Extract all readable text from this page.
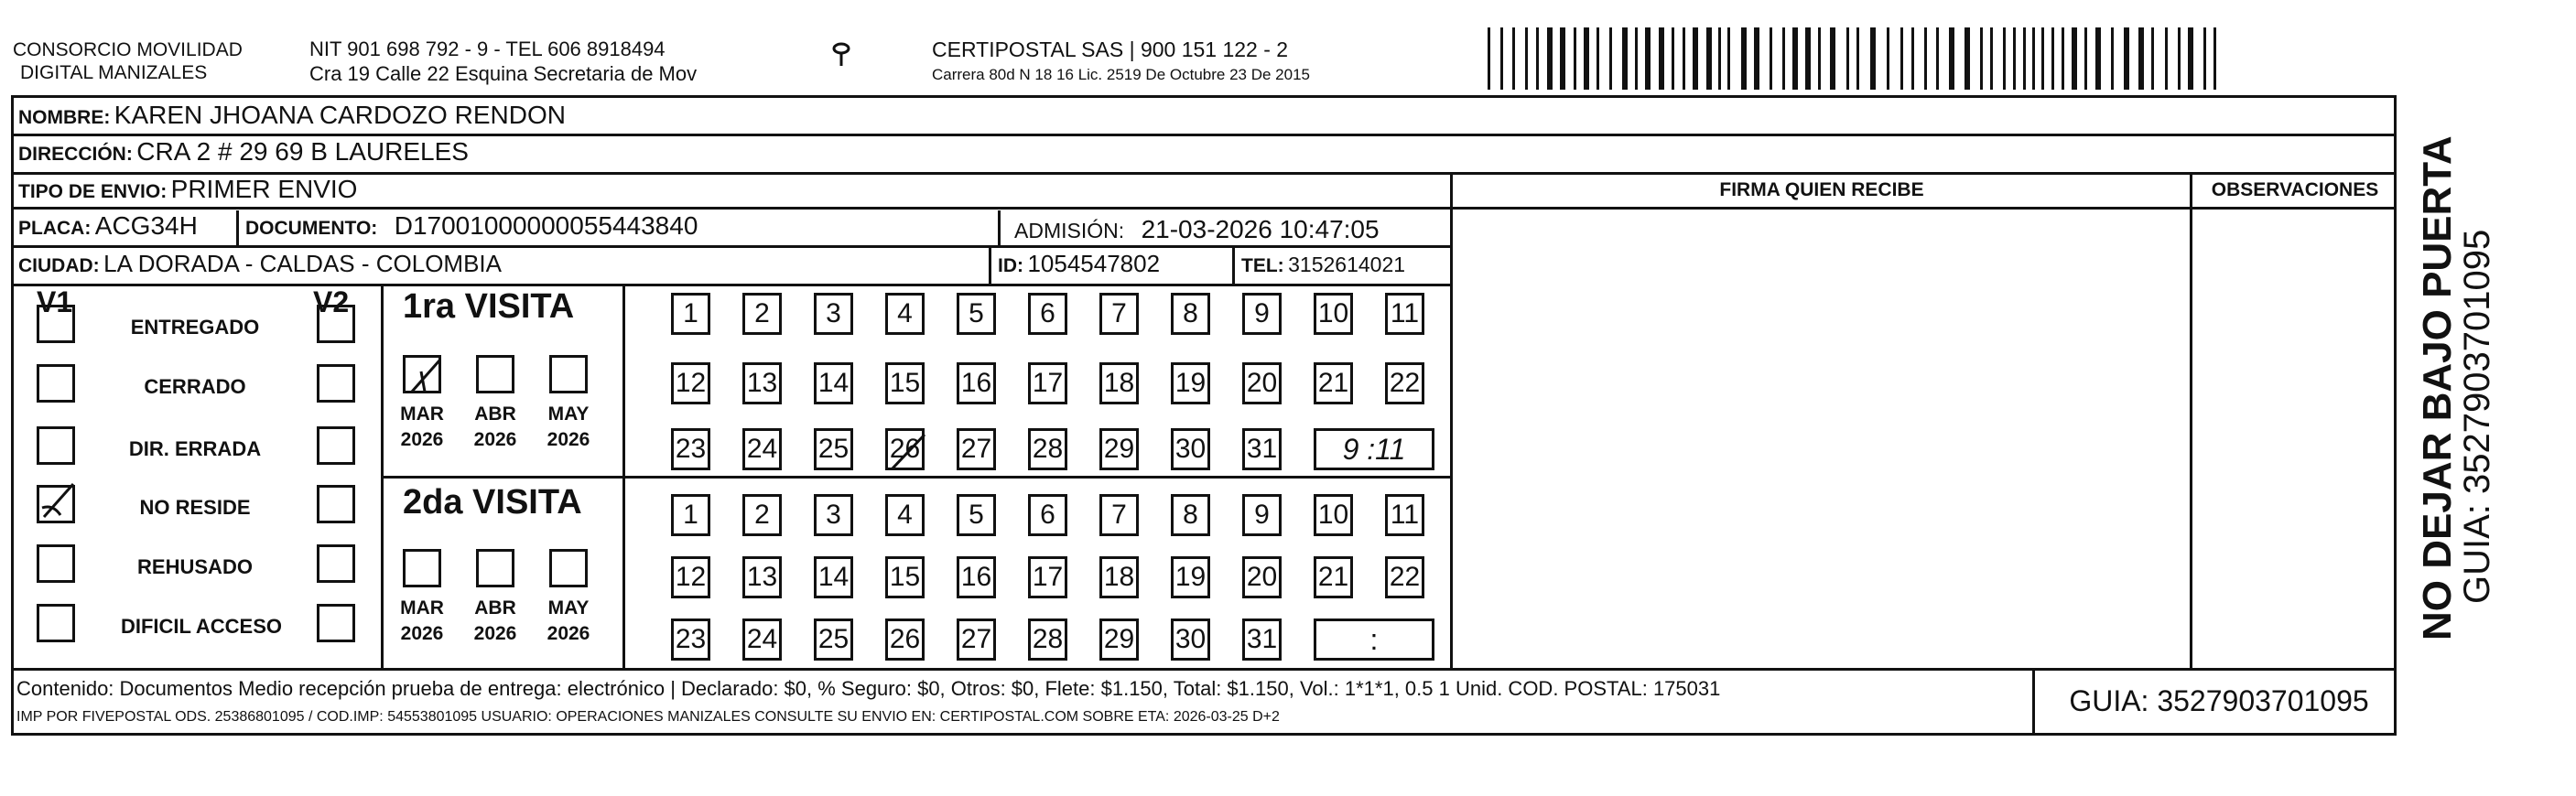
CONSORCIO MOVILIDAD
DIGITAL MANIZALES
NIT 901 698 792 - 9 - TEL 606 8918494
Cra 19 Calle 22 Esquina Secretaria de Mov
CERTIPOSTAL SAS | 900 151 122 - 2
Carrera 80d N 18 16 Lic. 2519 De Octubre 23 De 2015
NOMBRE: KAREN JHOANA CARDOZO RENDON
DIRECCIÓN: CRA 2 # 29 69 B LAURELES
TIPO DE ENVIO: PRIMER ENVIO
PLACA: ACG34H DOCUMENTO: D17001000000055443840	ADMISIÓN: 21-03-2026 10:47:05
CIUDAD: LA DORADA - CALDAS - COLOMBIA	ID: 1054547802	TEL: 3152614021
FIRMA QUIEN RECIBE	OBSERVACIONES
V1	V2
ENTREGADO
CERRADO
DIR. ERRADA
NO RESIDE
REHUSADO
DIFICIL ACCESO
1ra VISITA
2da VISITA
MAR
2026
ABR
2026
MAY
2026
MAR
2026
ABR
2026
MAY
2026
1 2 3 4 5 6 7 8 9 10 11
12 13 14 15 16 17 18 19 20 21 22
23 24 25 26 27 28 29 30 31	9 :11
1 2 3 4 5 6 7 8 9 10 11
12 13 14 15 16 17 18 19 20 21 22
23 24 25 26 27 28 29 30 31	:
Contenido: Documentos Medio recepción prueba de entrega: electrónico | Declarado: $0, % Seguro: $0, Otros: $0, Flete: $1.150, Total: $1.150, Vol.: 1*1*1, 0.5 1 Unid. COD. POSTAL: 175031
IMP POR FIVEPOSTAL ODS. 25386801095 / COD.IMP: 54553801095 USUARIO: OPERACIONES MANIZALES CONSULTE SU ENVIO EN: CERTIPOSTAL.COM SOBRE ETA: 2026-03-25 D+2	GUIA: 3527903701095
NO DEJAR BAJO PUERTA
GUIA: 3527903701095
